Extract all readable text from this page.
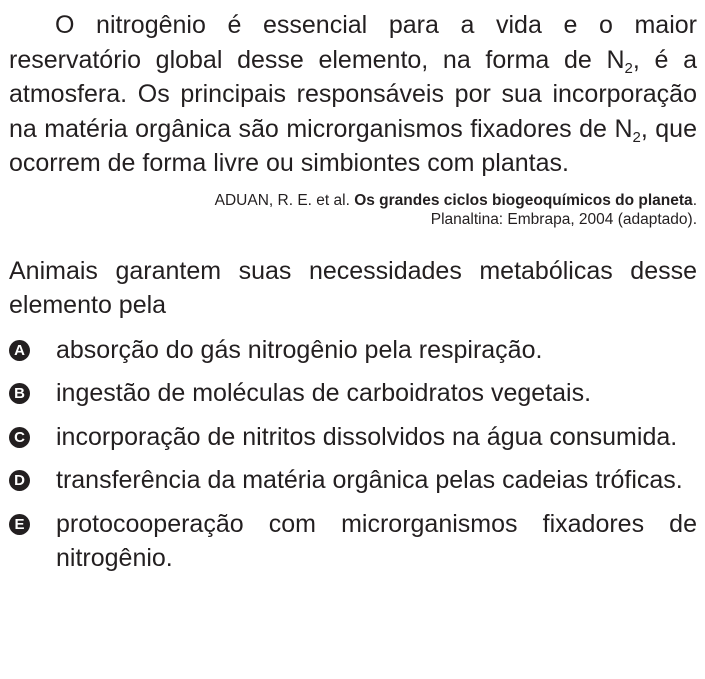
O nitrogênio é essencial para a vida e o maior reservatório global desse elemento, na forma de $N_2$, é a atmosfera. Os principais responsáveis por sua incorporação na matéria orgânica são microrganismos fixadores de $N_2$, que ocorrem de forma livre ou simbiontes com plantas.

ADUAN, R. E. et al. Os grandes ciclos biogeoquímicos do planeta.
Planaltina: Embrapa, 2004 (adaptado).

Animais garantem suas necessidades metabólicas desse elemento pela

A absorção do gás nitrogênio pela respiração.

B ingestão de moléculas de carboidratos vegetais.

C incorporação de nitritos dissolvidos na água consumida.

D transferência da matéria orgânica pelas cadeias tróficas.

E protocooperação com microrganismos fixadores de nitrogênio.
